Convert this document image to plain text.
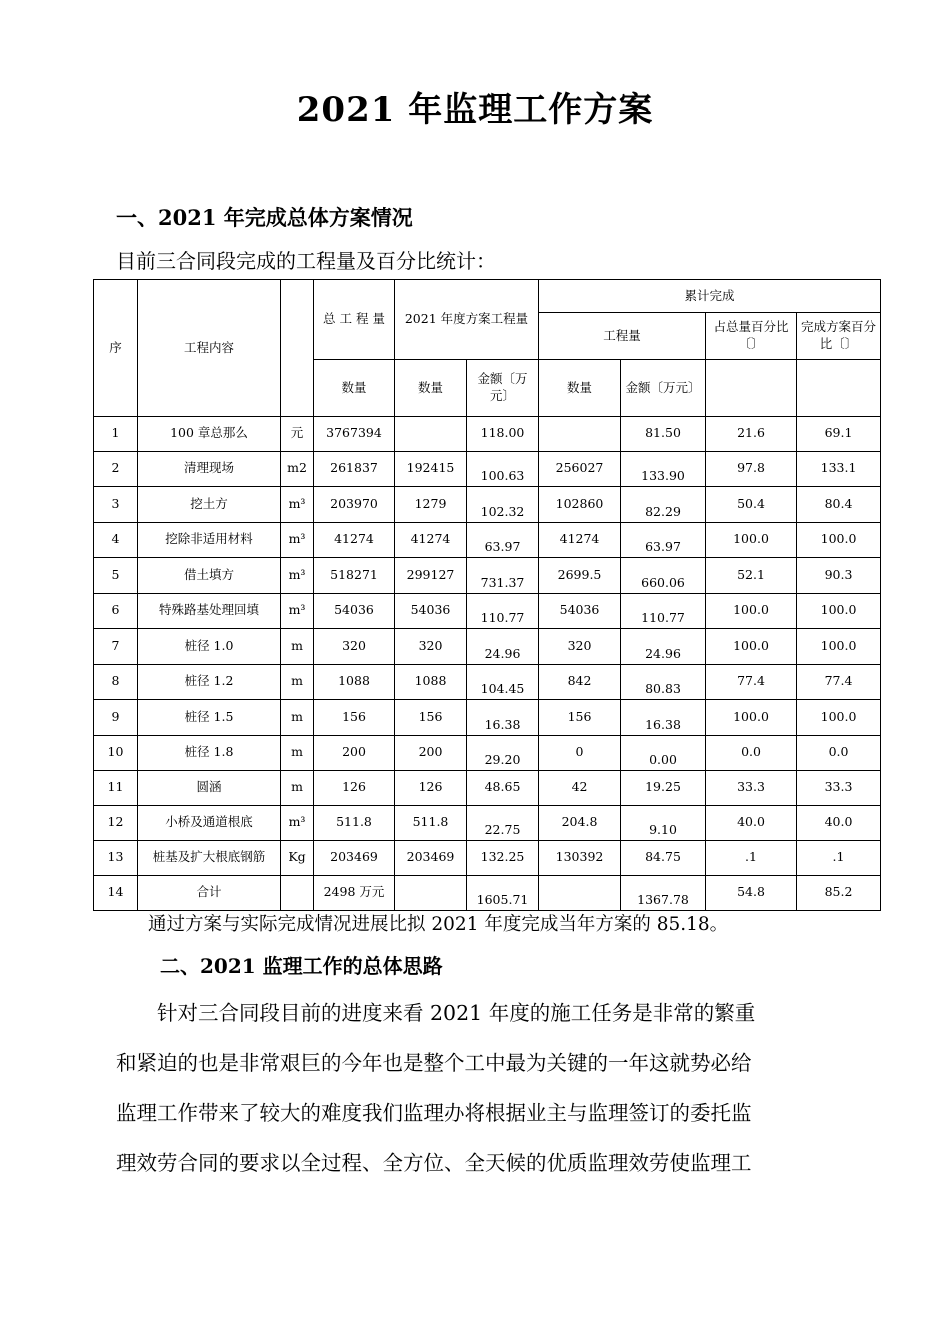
2021 年监理工作方案
一、2021 年完成总体方案情况
目前三合同段完成的工程量及百分比统计：
序	工程内容		总 工 程 量	2021 年度方案工程量		累计完成			
						工程量		占总量百分比〔〕	完成方案百分比〔〕
			数量	数量	金额〔万元〕	数量	金额〔万元〕		
1	100 章总那么	元	3767394		118.00		81.50	21.6	69.1
2	清理现场	m2	261837	192415	100.63	256027	133.90	97.8	133.1
3	挖土方	m³	203970	1279	102.32	102860	82.29	50.4	80.4
4	挖除非适用材料	m³	41274	41274	63.97	41274	63.97	100.0	100.0
5	借土填方	m³	518271	299127	731.37	2699.5	660.06	52.1	90.3
6	特殊路基处理回填	m³	54036	54036	110.77	54036	110.77	100.0	100.0
7	桩径 1.0	m	320	320	24.96	320	24.96	100.0	100.0
8	桩径 1.2	m	1088	1088	104.45	842	80.83	77.4	77.4
9	桩径 1.5	m	156	156	16.38	156	16.38	100.0	100.0
10	桩径 1.8	m	200	200	29.20	0	0.00	0.0	0.0
11	圆涵	m	126	126	48.65	42	19.25	33.3	33.3
12	小桥及通道根底	m³	511.8	511.8	22.75	204.8	9.10	40.0	40.0
13	桩基及扩大根底钢筋	Kg	203469	203469	132.25	130392	84.75	.1	.1
14	合计		2498 万元		1605.71		1367.78	54.8	85.2
通过方案与实际完成情况进展比拟 2021 年度完成当年方案的 85.18。
二、2021 监理工作的总体思路
针对三合同段目前的进度来看 2021 年度的施工任务是非常的繁重
和紧迫的也是非常艰巨的今年也是整个工中最为关键的一年这就势必给
监理工作带来了较大的难度我们监理办将根据业主与监理签订的委托监
理效劳合同的要求以全过程、全方位、全天候的优质监理效劳使监理工
